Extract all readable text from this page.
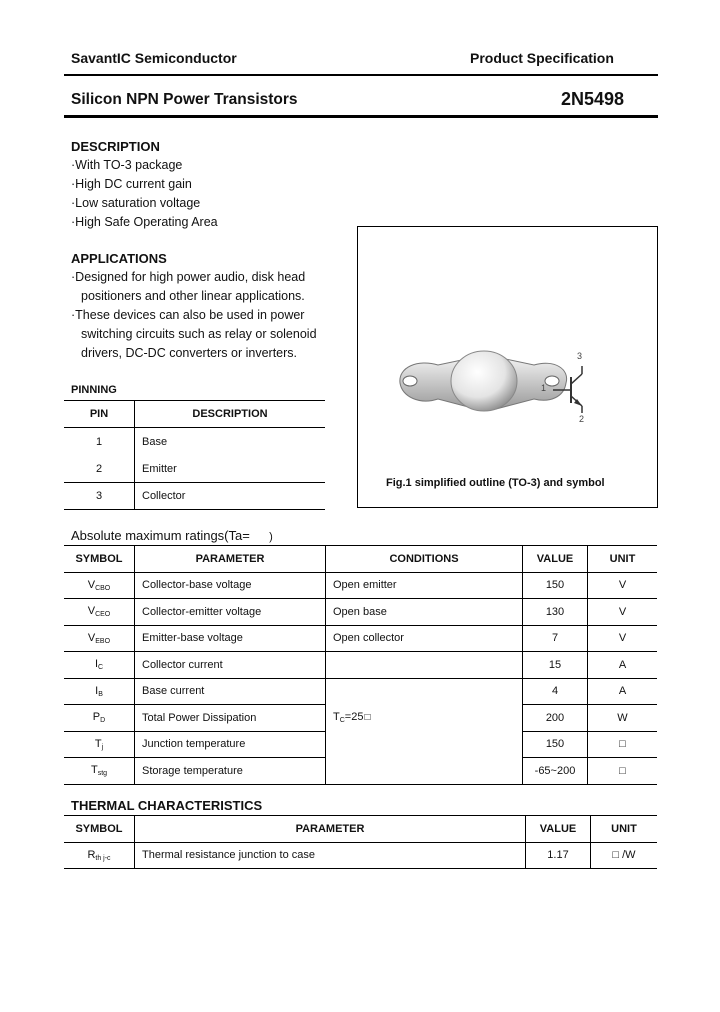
SavantIC Semiconductor	Product Specification
Silicon NPN Power Transistors	2N5498
DESCRIPTION
·With TO-3 package
·High DC current gain
·Low saturation voltage
·High Safe Operating Area
APPLICATIONS
·Designed for high power audio, disk head
positioners and other linear applications.
·These devices can also be used in power
switching circuits such as relay or solenoid
drivers, DC-DC converters or inverters.
1
2
3
Fig.1 simplified outline (TO-3) and symbol
PINNING
PIN	DESCRIPTION
1	Base
2	Emitter
3	Collector
Absolute maximum ratings(Ta= )
SYMBOL	PARAMETER	CONDITIONS	VALUE	UNIT
$V_{CBO}$	Collector-base voltage	Open emitter	150	V
$V_{CEO}$	Collector-emitter voltage	Open base	130	V
$V_{EBO}$	Emitter-base voltage	Open collector	7	V
$I_C$	Collector current		15	A
$I_B$	Base current		4	A
$P_D$	Total Power Dissipation	$T_C=25□$	200	W
$T_j$	Junction temperature		150	□
$T_{stg}$	Storage temperature		-65~200	□
THERMAL CHARACTERISTICS
SYMBOL	PARAMETER	VALUE	UNIT
$R_{th j-c}$	Thermal resistance junction to case	1.17	□ /W
